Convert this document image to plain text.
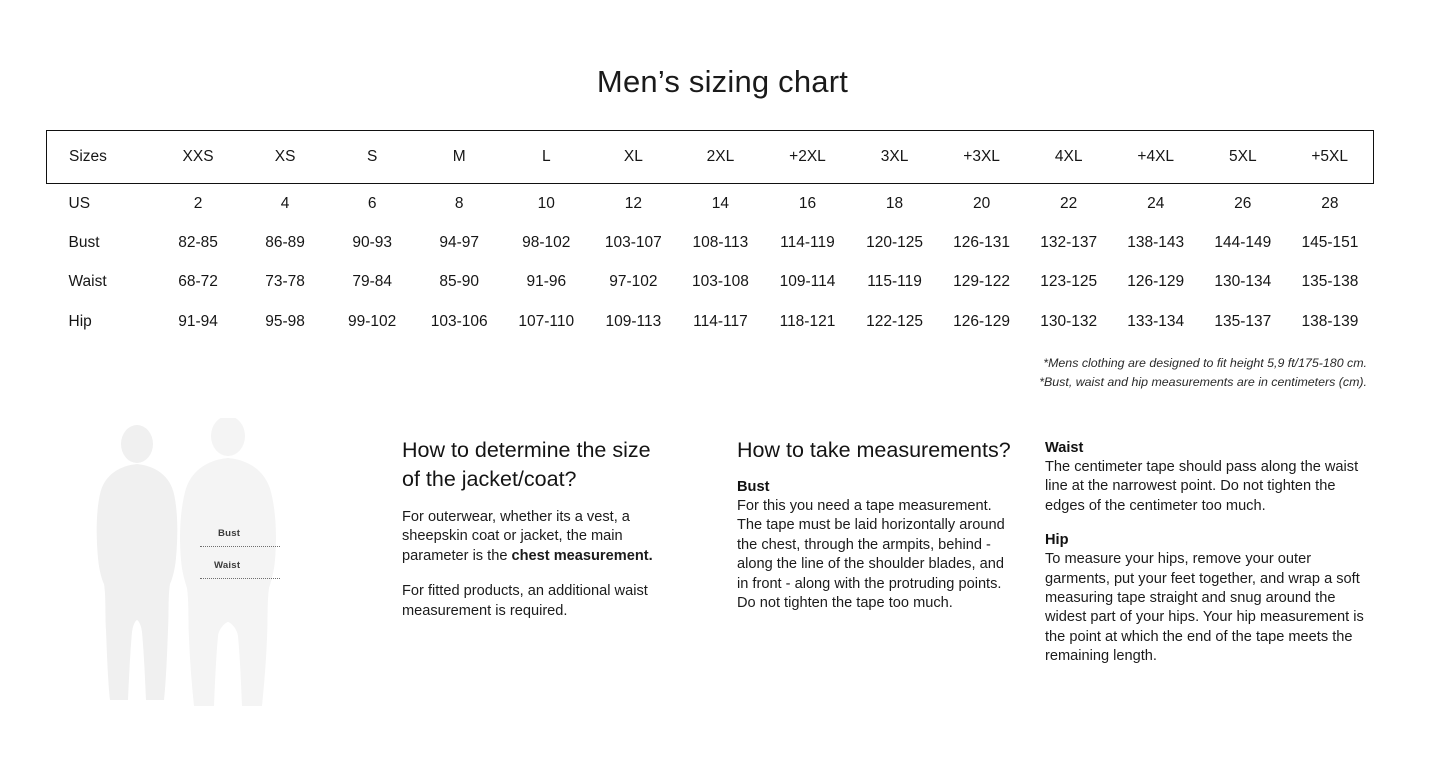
Men’s sizing chart
Sizes	XXS	XS	S	M	L	XL	2XL	+2XL	3XL	+3XL	4XL	+4XL	5XL	+5XL
US	2	4	6	8	10	12	14	16	18	20	22	24	26	28
Bust	82-85	86-89	90-93	94-97	98-102	103-107	108-113	114-119	120-125	126-131	132-137	138-143	144-149	145-151
Waist	68-72	73-78	79-84	85-90	91-96	97-102	103-108	109-114	115-119	129-122	123-125	126-129	130-134	135-138
Hip	91-94	95-98	99-102	103-106	107-110	109-113	114-117	118-121	122-125	126-129	130-132	133-134	135-137	138-139
*Mens clothing are designed to fit height 5,9 ft/175-180 cm.
*Bust, waist and hip measurements are in centimeters (cm).
Bust
Waist
How to determine the size of the jacket/coat?

For outerwear, whether its a vest, a sheepskin coat or jacket, the main parameter is the chest measurement.

For fitted products, an additional waist measurement is required.

How to take measurements?
Bust

For this you need a tape measurement. The tape must be laid horizontally around the chest, through the armpits, behind - along the line of the shoulder blades, and in front - along with the protruding points. Do not tighten the tape too much.

Waist

The centimeter tape should pass along the waist line at the narrowest point. Do not tighten the edges of the centimeter too much.

Hip

To measure your hips, remove your outer garments, put your feet together, and wrap a soft measuring tape straight and snug around the widest part of your hips. Your hip measurement is the point at which the end of the tape meets the remaining length.
